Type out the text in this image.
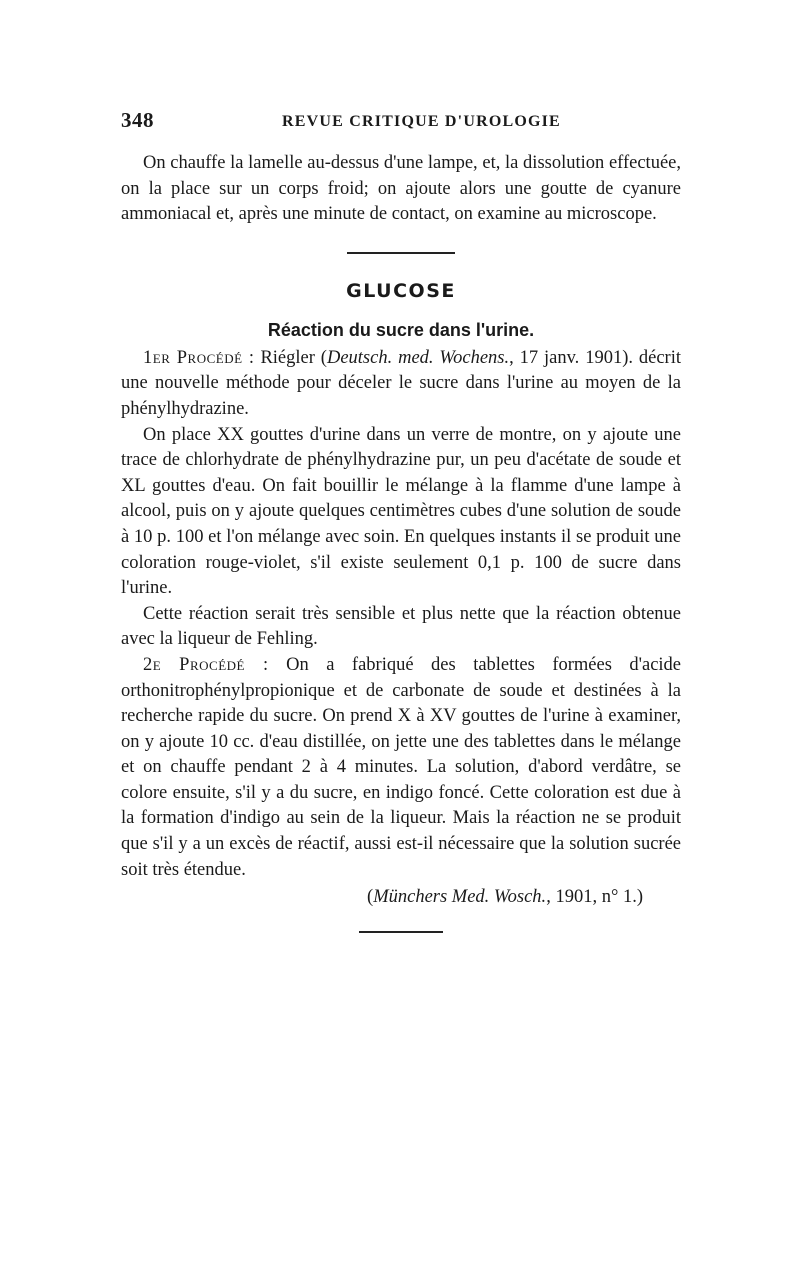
348	REVUE CRITIQUE D'UROLOGIE

On chauffe la lamelle au-dessus d'une lampe, et, la dissolution effectuée, on la place sur un corps froid; on ajoute alors une goutte de cyanure ammoniacal et, après une minute de contact, on examine au microscope.

GLUCOSE
Réaction du sucre dans l'urine.

1er Procédé : Riégler (Deutsch. med. Wochens., 17 janv. 1901). décrit une nouvelle méthode pour déceler le sucre dans l'urine au moyen de la phénylhydrazine.

On place XX gouttes d'urine dans un verre de montre, on y ajoute une trace de chlorhydrate de phénylhydrazine pur, un peu d'acétate de soude et XL gouttes d'eau. On fait bouillir le mélange à la flamme d'une lampe à alcool, puis on y ajoute quelques centimètres cubes d'une solution de soude à 10 p. 100 et l'on mélange avec soin. En quelques instants il se produit une coloration rouge-violet, s'il existe seulement 0,1 p. 100 de sucre dans l'urine.

Cette réaction serait très sensible et plus nette que la réaction obtenue avec la liqueur de Fehling.

2e Procédé : On a fabriqué des tablettes formées d'acide orthonitrophénylpropionique et de carbonate de soude et destinées à la recherche rapide du sucre. On prend X à XV gouttes de l'urine à examiner, on y ajoute 10 cc. d'eau distillée, on jette une des tablettes dans le mélange et on chauffe pendant 2 à 4 minutes. La solution, d'abord verdâtre, se colore ensuite, s'il y a du sucre, en indigo foncé. Cette coloration est due à la formation d'indigo au sein de la liqueur. Mais la réaction ne se produit que s'il y a un excès de réactif, aussi est-il nécessaire que la solution sucrée soit très étendue.

(Münchers Med. Wosch., 1901, n° 1.)
